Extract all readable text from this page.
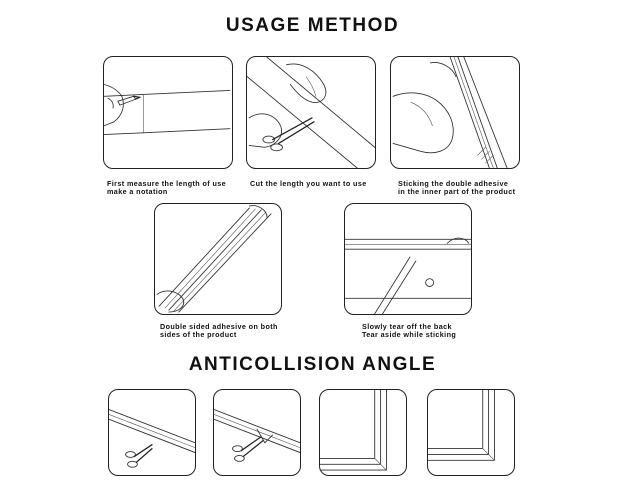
USAGE METHOD
First measure the length of use
make a notation
Cut the length you want to use	Sticking the double adhesive
in the inner part of the product
Double sided adhesive on both
sides of the product
Slowly tear off the back
Tear aside while sticking
ANTICOLLISION ANGLE
